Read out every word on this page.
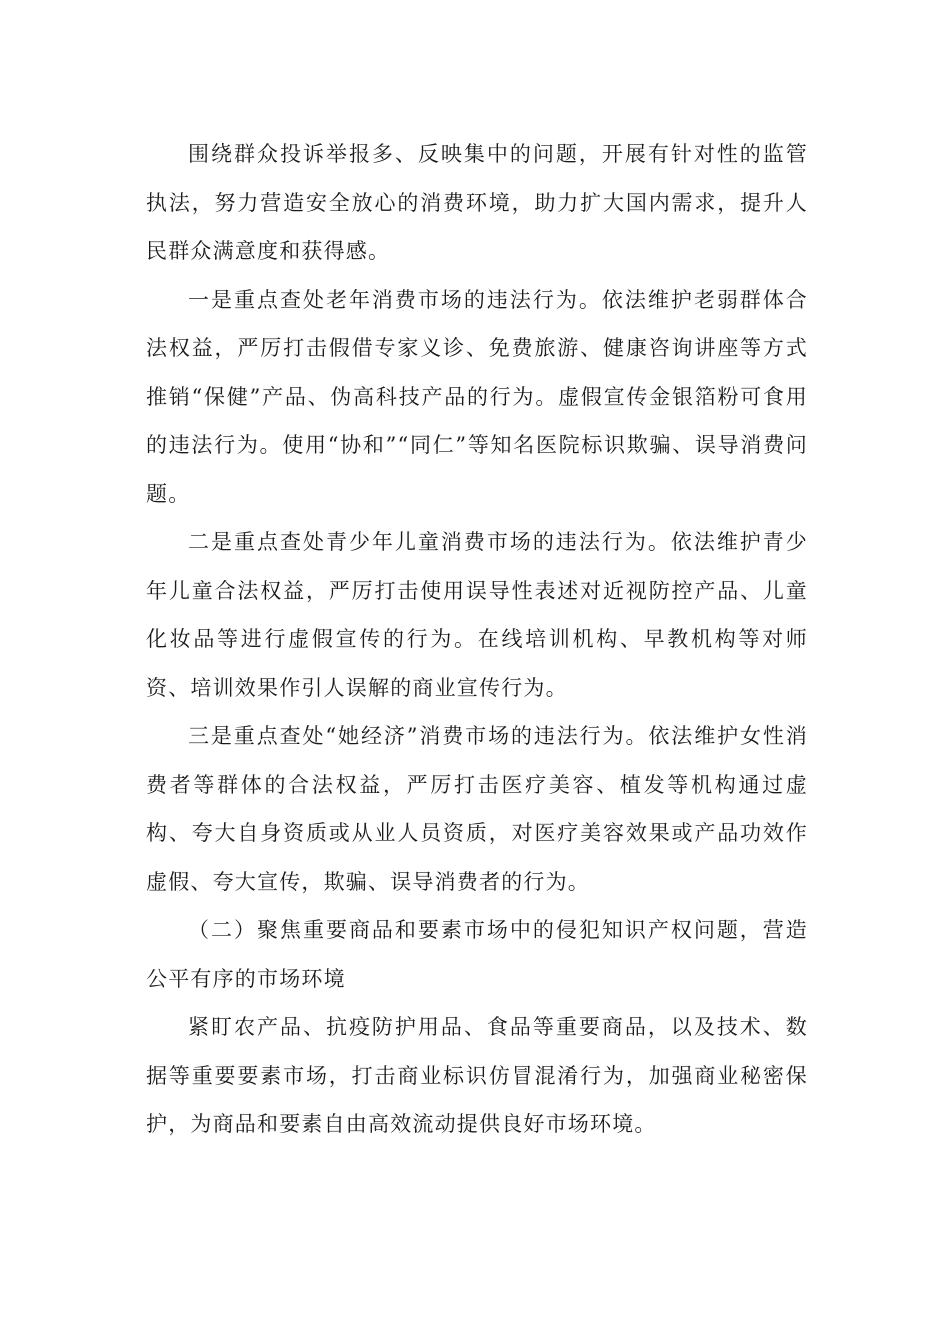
围绕群众投诉举报多、反映集中的问题，开展有针对性的监管执法，努力营造安全放心的消费环境，助力扩大国内需求，提升人民群众满意度和获得感。

一是重点查处老年消费市场的违法行为。依法维护老弱群体合法权益，严厉打击假借专家义诊、免费旅游、健康咨询讲座等方式推销“保健”产品、伪高科技产品的行为。虚假宣传金银箔粉可食用的违法行为。使用“协和”“同仁”等知名医院标识欺骗、误导消费问题。

二是重点查处青少年儿童消费市场的违法行为。依法维护青少年儿童合法权益，严厉打击使用误导性表述对近视防控产品、儿童化妆品等进行虚假宣传的行为。在线培训机构、早教机构等对师资、培训效果作引人误解的商业宣传行为。

三是重点查处“她经济”消费市场的违法行为。依法维护女性消费者等群体的合法权益，严厉打击医疗美容、植发等机构通过虚构、夸大自身资质或从业人员资质，对医疗美容效果或产品功效作虚假、夸大宣传，欺骗、误导消费者的行为。

（二）聚焦重要商品和要素市场中的侵犯知识产权问题，营造公平有序的市场环境

紧盯农产品、抗疫防护用品、食品等重要商品，以及技术、数据等重要要素市场，打击商业标识仿冒混淆行为，加强商业秘密保护，为商品和要素自由高效流动提供良好市场环境。
